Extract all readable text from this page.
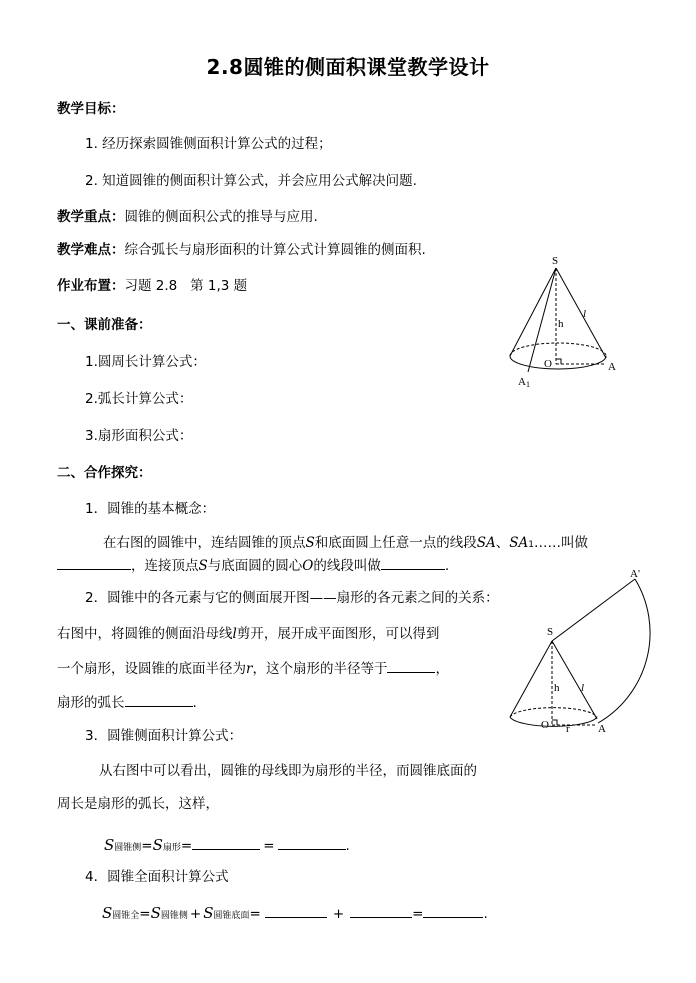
2.8圆锥的侧面积课堂教学设计
教学目标：
1. 经历探索圆锥侧面积计算公式的过程；
2. 知道圆锥的侧面积计算公式，并会应用公式解决问题.
教学重点：圆锥的侧面积公式的推导与应用.
教学难点：综合弧长与扇形面积的计算公式计算圆锥的侧面积.
作业布置：习题 2.8   第 1,3 题
一、课前准备：
1.圆周长计算公式：
2.弧长计算公式：
3.扇形面积公式：
二、合作探究：
1．圆锥的基本概念：
在右图的圆锥中，连结圆锥的顶点S和底面圆上任意一点的线段SA、SA1……叫做
，连接顶点S与底面圆的圆心O的线段叫做	.
2．圆锥中的各元素与它的侧面展开图——扇形的各元素之间的关系：
右图中，将圆锥的侧面沿母线l剪开，展开成平面图形，可以得到
一个扇形，设圆锥的底面半径为r，这个扇形的半径等于	，
扇形的弧长	.
3．圆锥侧面积计算公式：
从右图中可以看出，圆锥的母线即为扇形的半径，而圆锥底面的
周长是扇形的弧长，这样，
S圆锥侧=S扇形=	=	.
4．圆锥全面积计算公式
S圆锥全=S圆锥侧 + S圆锥底面=	+	=	.
S
l
h
O	A
A1
A'
S
l
h
O r	A
